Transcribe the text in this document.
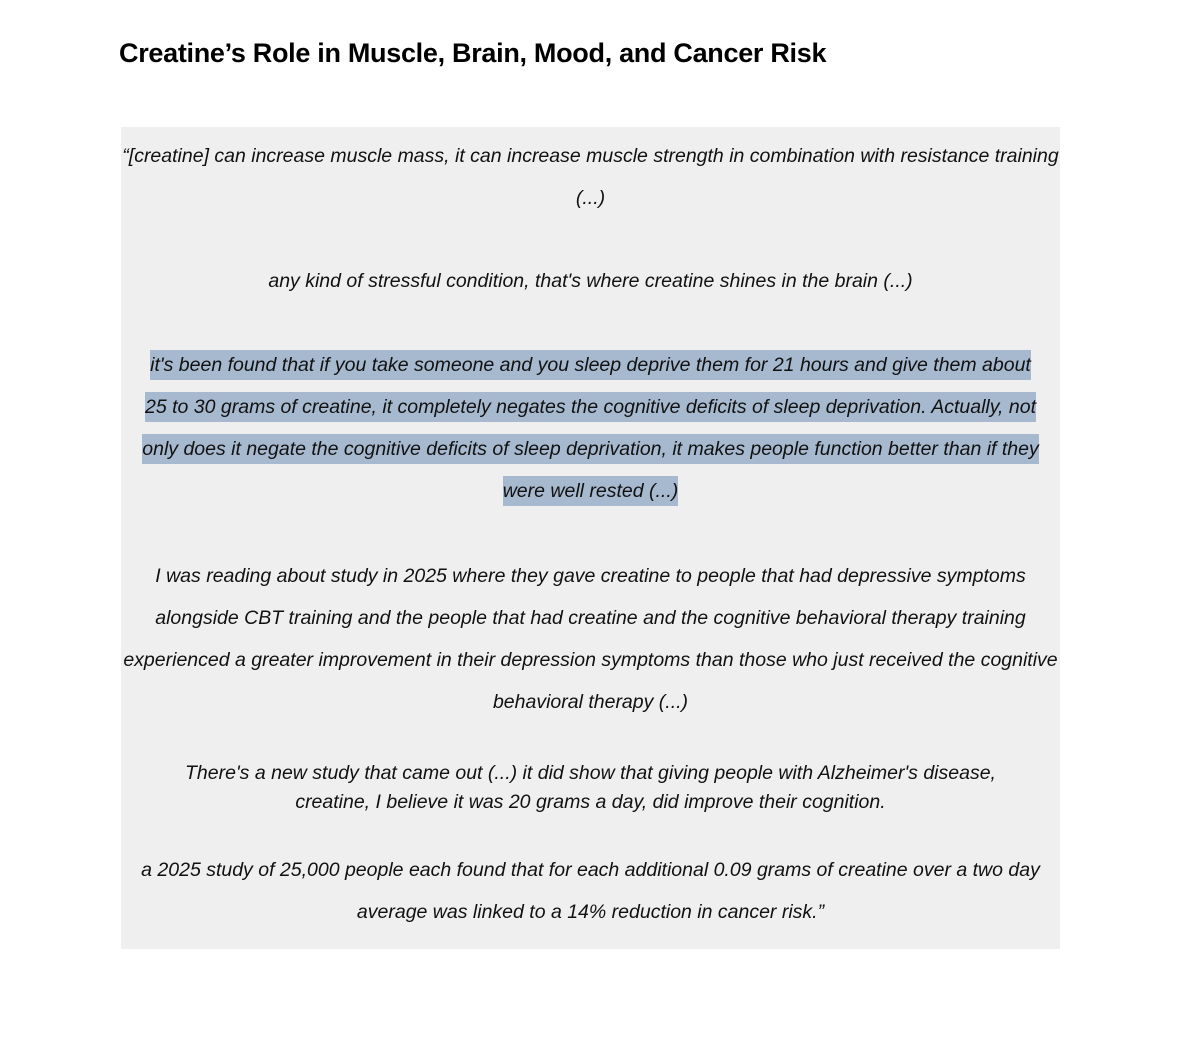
Creatine’s Role in Muscle, Brain, Mood, and Cancer Risk

“[creatine] can increase muscle mass, it can increase muscle strength in combination with resistance training (...)

any kind of stressful condition, that's where creatine shines in the brain (...)

it's been found that if you take someone and you sleep deprive them for 21 hours and give them about 25 to 30 grams of creatine, it completely negates the cognitive deficits of sleep deprivation. Actually, not only does it negate the cognitive deficits of sleep deprivation, it makes people function better than if they were well rested (...)

I was reading about study in 2025 where they gave creatine to people that had depressive symptoms alongside CBT training and the people that had creatine and the cognitive behavioral therapy training experienced a greater improvement in their depression symptoms than those who just received the cognitive behavioral therapy (...)

There's a new study that came out (...) it did show that giving people with Alzheimer's disease, creatine, I believe it was 20 grams a day, did improve their cognition.

a 2025 study of 25,000 people each found that for each additional 0.09 grams of creatine over a two day average was linked to a 14% reduction in cancer risk.”
